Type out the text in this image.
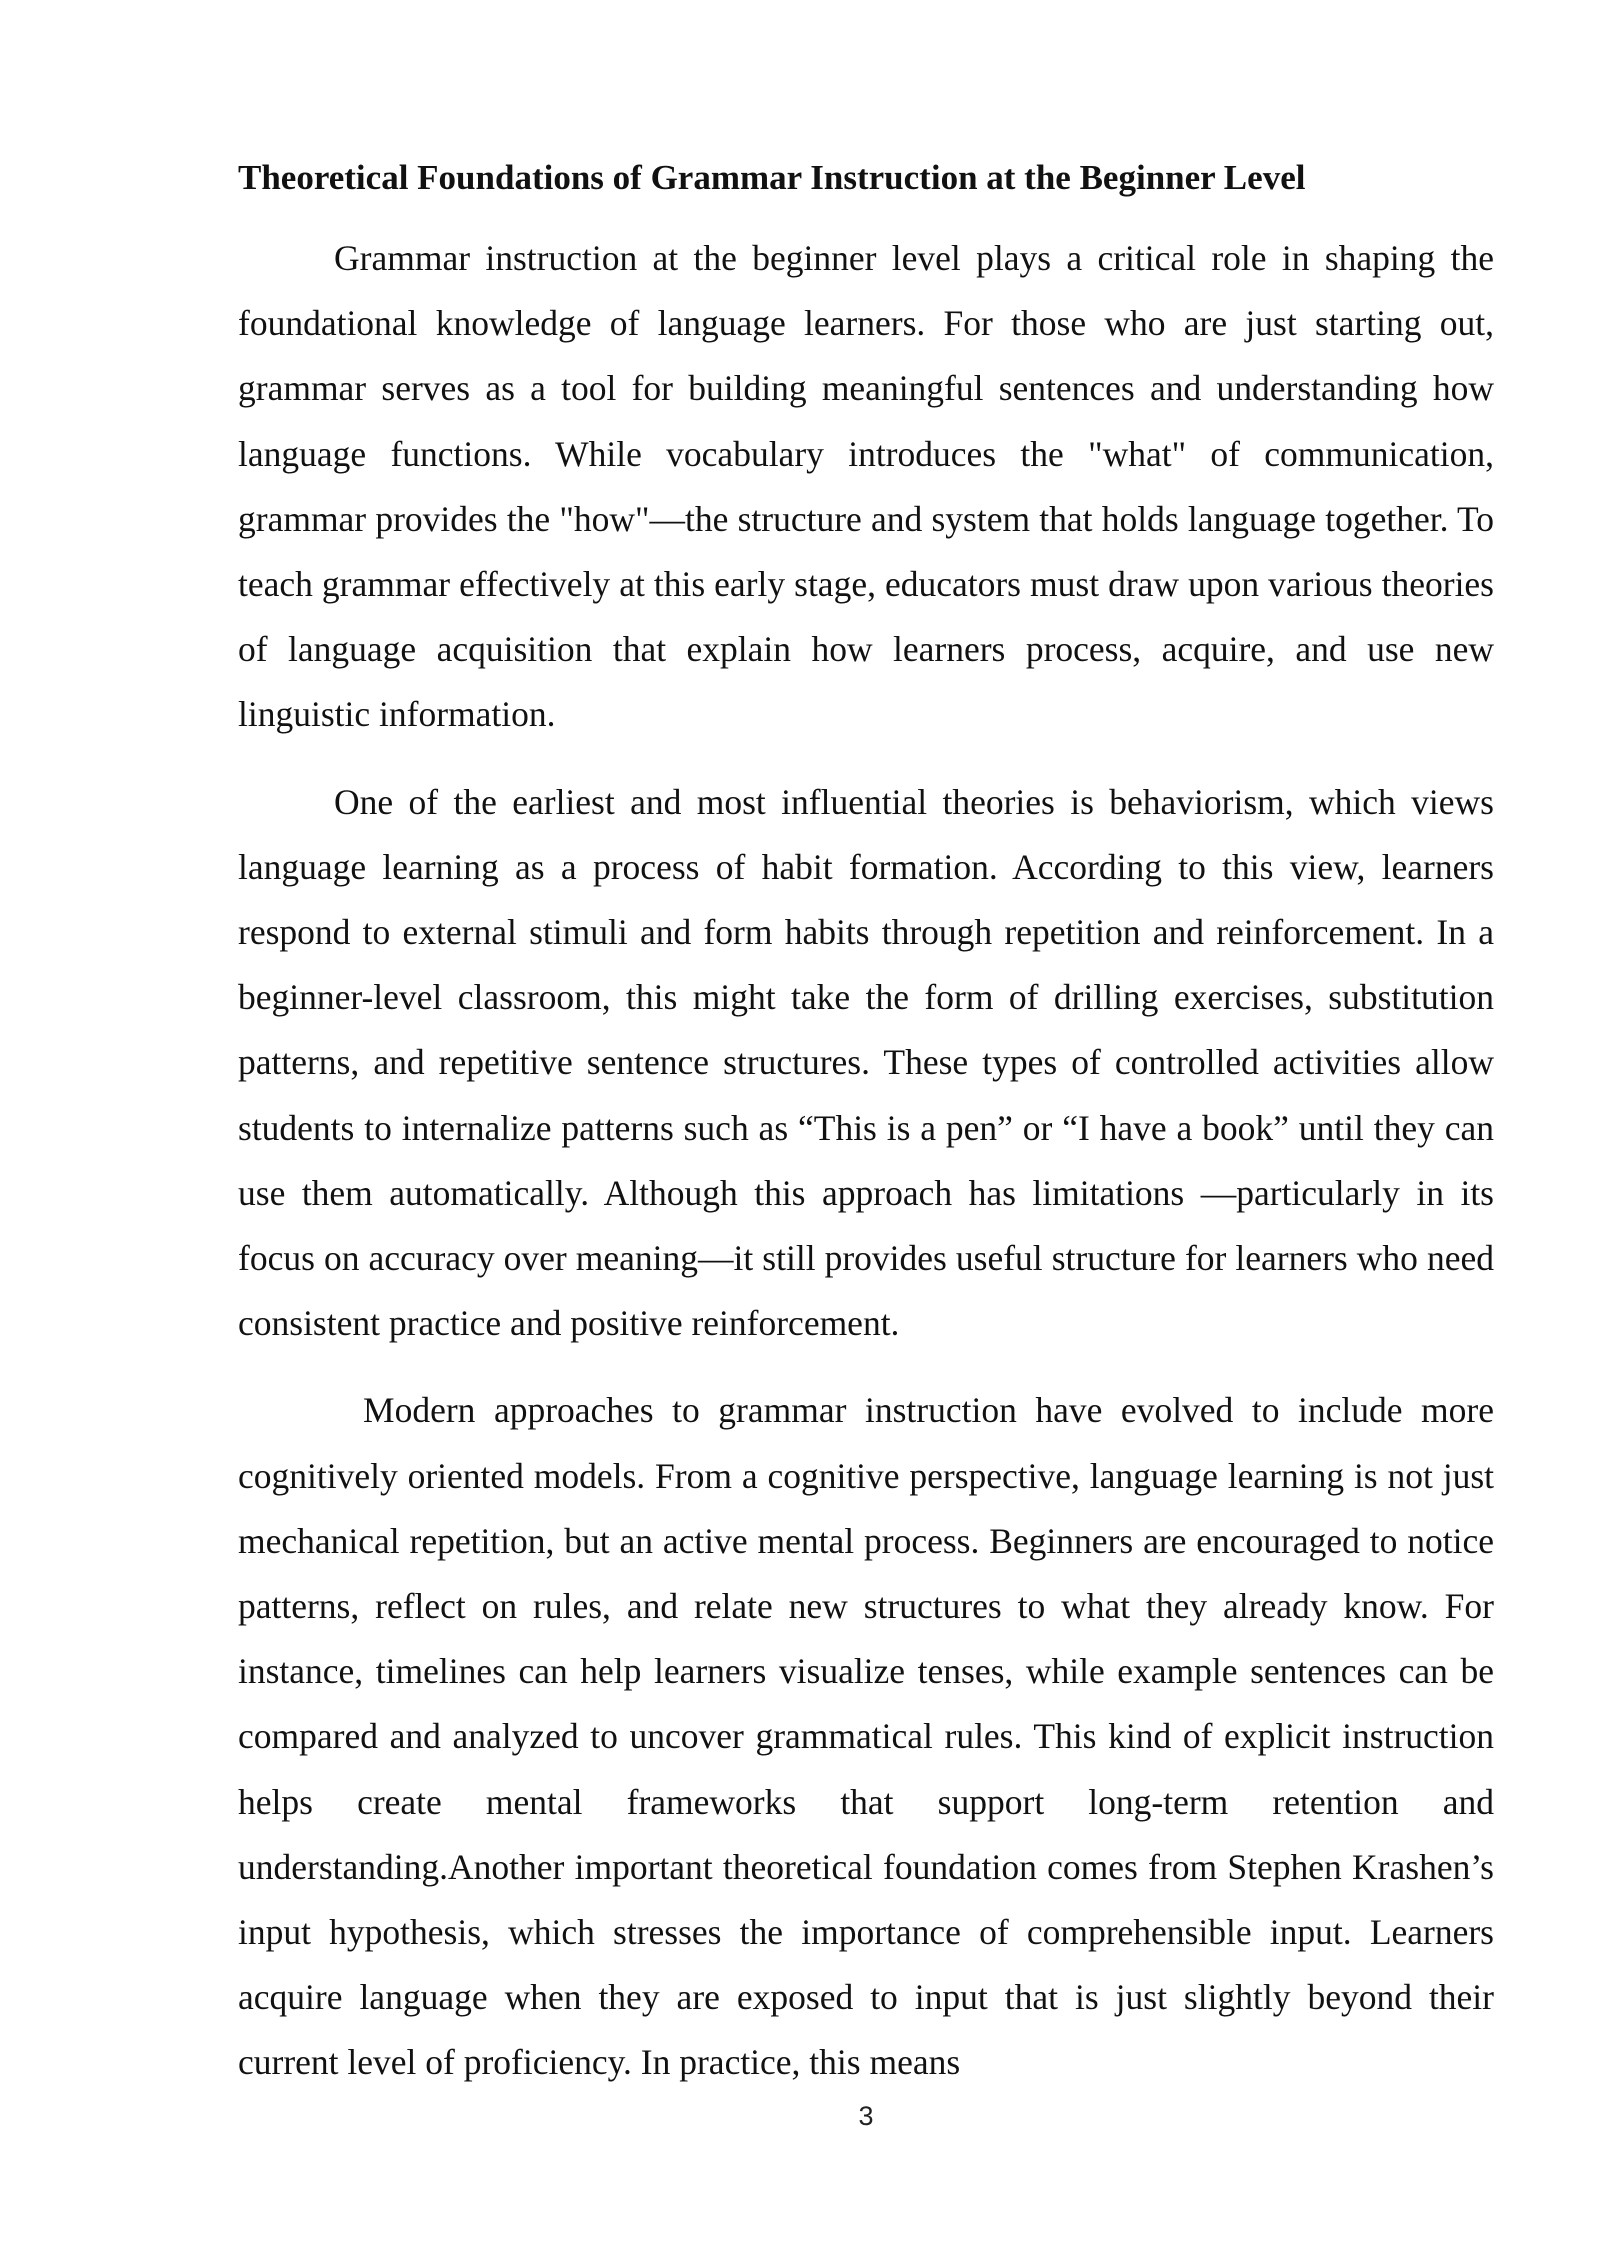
Theoretical Foundations of Grammar Instruction at the Beginner Level

Grammar instruction at the beginner level plays a critical role in shaping the foundational knowledge of language learners. For those who are just starting out, grammar serves as a tool for building meaningful sentences and understanding how language functions. While vocabulary introduces the "what" of communication, grammar provides the "how"—the structure and system that holds language together. To teach grammar effectively at this early stage, educators must draw upon various theories of language acquisition that explain how learners process, acquire, and use new linguistic information.

One of the earliest and most influential theories is behaviorism, which views language learning as a process of habit formation. According to this view, learners respond to external stimuli and form habits through repetition and reinforcement. In a beginner-level classroom, this might take the form of drilling exercises, substitution patterns, and repetitive sentence structures. These types of controlled activities allow students to internalize patterns such as “This is a pen” or “I have a book” until they can use them automatically. Although this approach has limitations —particularly in its focus on accuracy over meaning—it still provides useful structure for learners who need consistent practice and positive reinforcement.

Modern approaches to grammar instruction have evolved to include more cognitively oriented models. From a cognitive perspective, language learning is not just mechanical repetition, but an active mental process. Beginners are encouraged to notice patterns, reflect on rules, and relate new structures to what they already know. For instance, timelines can help learners visualize tenses, while example sentences can be compared and analyzed to uncover grammatical rules. This kind of explicit instruction helps create mental frameworks that support long-term retention and understanding.Another important theoretical foundation comes from Stephen Krashen’s input hypothesis, which stresses the importance of comprehensible input. Learners acquire language when they are exposed to input that is just slightly beyond their current level of proficiency. In practice, this means

3
